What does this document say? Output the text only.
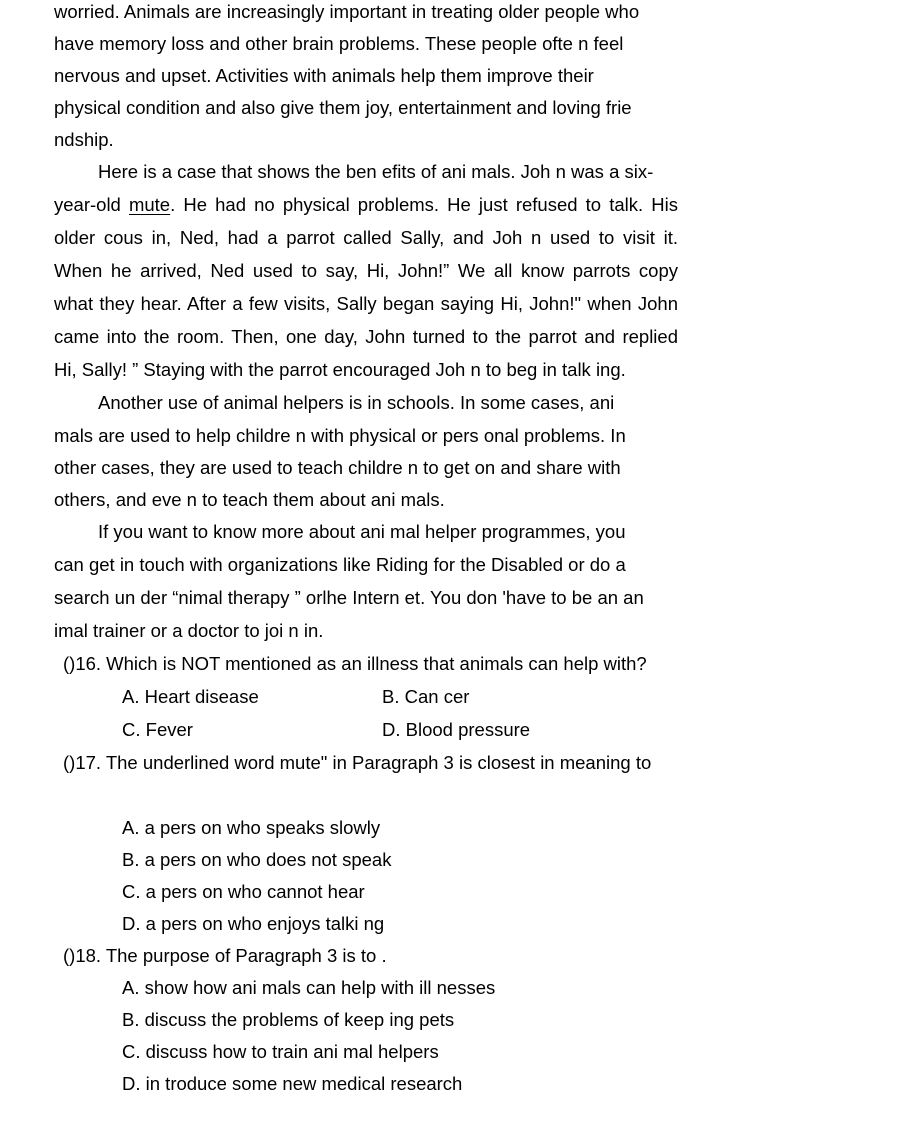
worried. Animals are increasingly important in treating older people who
have memory loss and other brain problems. These people ofte n feel
nervous and upset. Activities with animals help them improve their
physical condition and also give them joy, entertainment and loving frie
ndship.
Here is a case that shows the ben efits of ani mals. Joh n was a six-
year-old mute. He had no physical problems. He just refused to talk. His
older cous in, Ned, had a parrot called Sally, and Joh n used to visit it.
When he arrived, Ned used to say, Hi, John!” We all know parrots copy
what they hear. After a few visits, Sally began saying Hi, John!" when John
came into the room. Then, one day, John turned to the parrot and replied
Hi, Sally! ” Staying with the parrot encouraged Joh n to beg in talk ing.
Another use of animal helpers is in schools. In some cases, ani
mals are used to help childre n with physical or pers onal problems. In
other cases, they are used to teach childre n to get on and share with
others, and eve n to teach them about ani mals.
If you want to know more about ani mal helper programmes, you
can get in touch with organizations like Riding for the Disabled or do a
search un der “nimal therapy ” orlhe Intern et. You don 'have to be an an
imal trainer or a doctor to joi n in.
()16. Which is NOT mentioned as an illness that animals can help with?
A. Heart disease	B. Can cer
C. Fever	D. Blood pressure
()17. The underlined word mute" in Paragraph 3 is closest in meaning to
A. a pers on who speaks slowly
B. a pers on who does not speak
C. a pers on who cannot hear
D. a pers on who enjoys talki ng
()18. The purpose of Paragraph 3 is to .
A. show how ani mals can help with ill nesses
B. discuss the problems of keep ing pets
C. discuss how to train ani mal helpers
D. in troduce some new medical research
